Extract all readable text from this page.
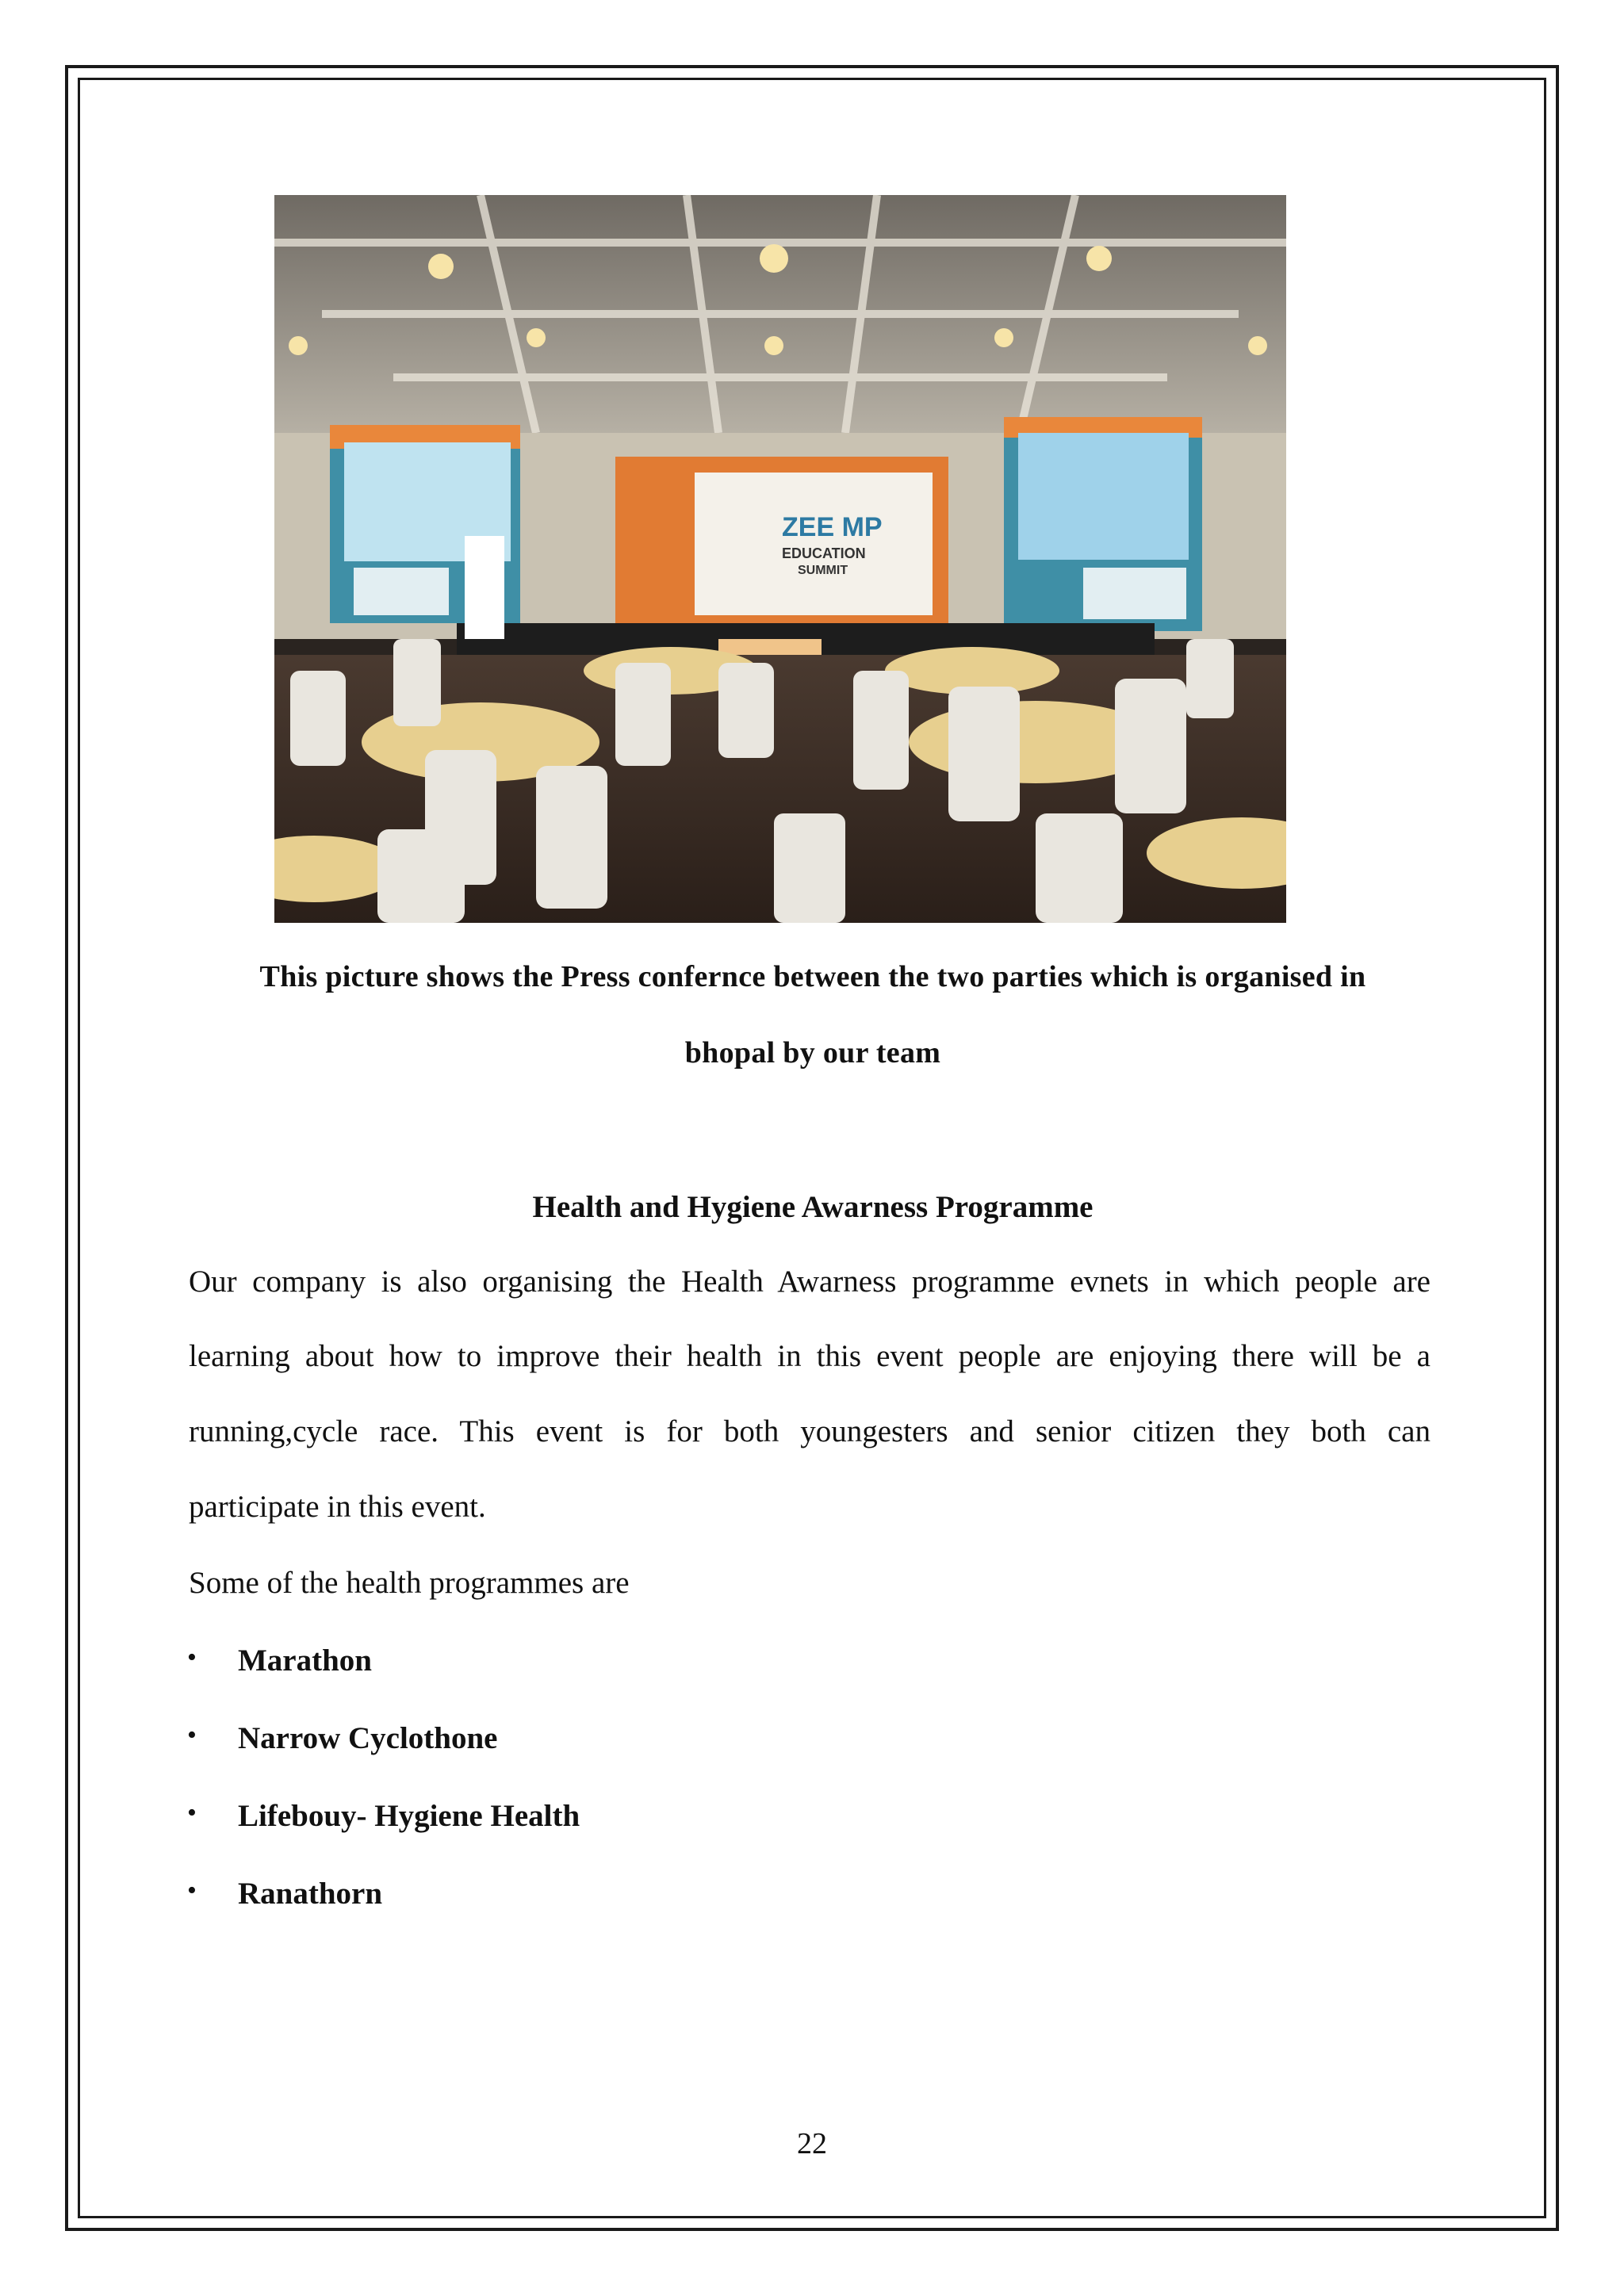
ZEE MP
EDUCATION
SUMMIT
This picture shows the Press confernce between the two parties which is organised in
bhopal by our team
Health and Hygiene Awarness Programme
Our company is also organising the Health Awarness programme evnets in which people are
learning about how to improve their health in this event people are enjoying there will be a
running,cycle race. This event is for both youngesters and senior citizen they both can
participate in this event.
Some of the health programmes are
•	Marathon
•	Narrow Cyclothone
•	Lifebouy- Hygiene Health
•	Ranathorn
22
